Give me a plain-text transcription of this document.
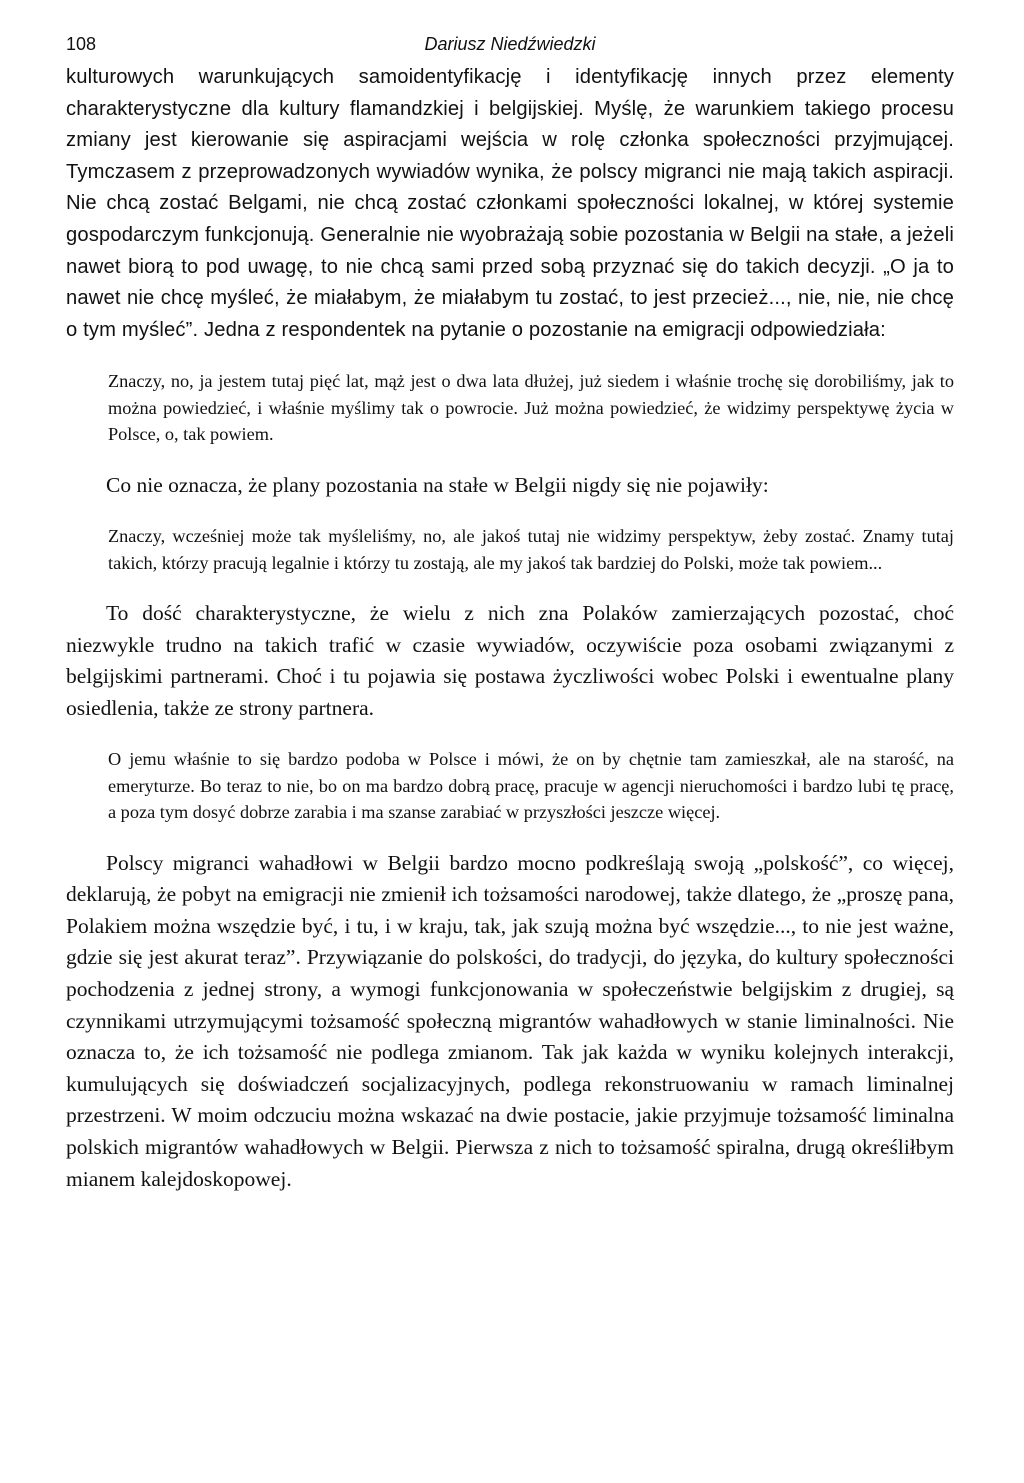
108	Dariusz Niedźwiedzki

kulturowych warunkujących samoidentyfikację i identyfikację innych przez elementy charakterystyczne dla kultury flamandzkiej i belgijskiej. Myślę, że warunkiem takiego procesu zmiany jest kierowanie się aspiracjami wejścia w rolę członka społeczności przyjmującej. Tymczasem z przeprowadzonych wywiadów wynika, że polscy migranci nie mają takich aspiracji. Nie chcą zostać Belgami, nie chcą zostać członkami społeczności lokalnej, w której systemie gospodarczym funkcjonują. Generalnie nie wyobrażają sobie pozostania w Belgii na stałe, a jeżeli nawet biorą to pod uwagę, to nie chcą sami przed sobą przyznać się do takich decyzji. „O ja to nawet nie chcę myśleć, że miałabym, że miałabym tu zostać, to jest przecież..., nie, nie, nie chcę o tym myśleć”. Jedna z respondentek na pytanie o pozostanie na emigracji odpowiedziała:

Znaczy, no, ja jestem tutaj pięć lat, mąż jest o dwa lata dłużej, już siedem i właśnie trochę się dorobiliśmy, jak to można powiedzieć, i właśnie myślimy tak o powrocie. Już można powiedzieć, że widzimy perspektywę życia w Polsce, o, tak powiem.

Co nie oznacza, że plany pozostania na stałe w Belgii nigdy się nie pojawiły:

Znaczy, wcześniej może tak myśleliśmy, no, ale jakoś tutaj nie widzimy perspektyw, żeby zostać. Znamy tutaj takich, którzy pracują legalnie i którzy tu zostają, ale my jakoś tak bardziej do Polski, może tak powiem...

To dość charakterystyczne, że wielu z nich zna Polaków zamierzających pozostać, choć niezwykle trudno na takich trafić w czasie wywiadów, oczywiście poza osobami związanymi z belgijskimi partnerami. Choć i tu pojawia się postawa życzliwości wobec Polski i ewentualne plany osiedlenia, także ze strony partnera.

O jemu właśnie to się bardzo podoba w Polsce i mówi, że on by chętnie tam zamieszkał, ale na starość, na emeryturze. Bo teraz to nie, bo on ma bardzo dobrą pracę, pracuje w agencji nieruchomości i bardzo lubi tę pracę, a poza tym dosyć dobrze zarabia i ma szanse zarabiać w przyszłości jeszcze więcej.

Polscy migranci wahadłowi w Belgii bardzo mocno podkreślają swoją „polskość”, co więcej, deklarują, że pobyt na emigracji nie zmienił ich tożsamości narodowej, także dlatego, że „proszę pana, Polakiem można wszędzie być, i tu, i w kraju, tak, jak szują można być wszędzie..., to nie jest ważne, gdzie się jest akurat teraz”. Przywiązanie do polskości, do tradycji, do języka, do kultury społeczności pochodzenia z jednej strony, a wymogi funkcjonowania w społeczeństwie belgijskim z drugiej, są czynnikami utrzymującymi tożsamość społeczną migrantów wahadłowych w stanie liminalności. Nie oznacza to, że ich tożsamość nie podlega zmianom. Tak jak każda w wyniku kolejnych interakcji, kumulujących się doświadczeń socjalizacyjnych, podlega rekonstruowaniu w ramach liminalnej przestrzeni. W moim odczuciu można wskazać na dwie postacie, jakie przyjmuje tożsamość liminalna polskich migrantów wahadłowych w Belgii. Pierwsza z nich to tożsamość spiralna, drugą określiłbym mianem kalejdoskopowej.
